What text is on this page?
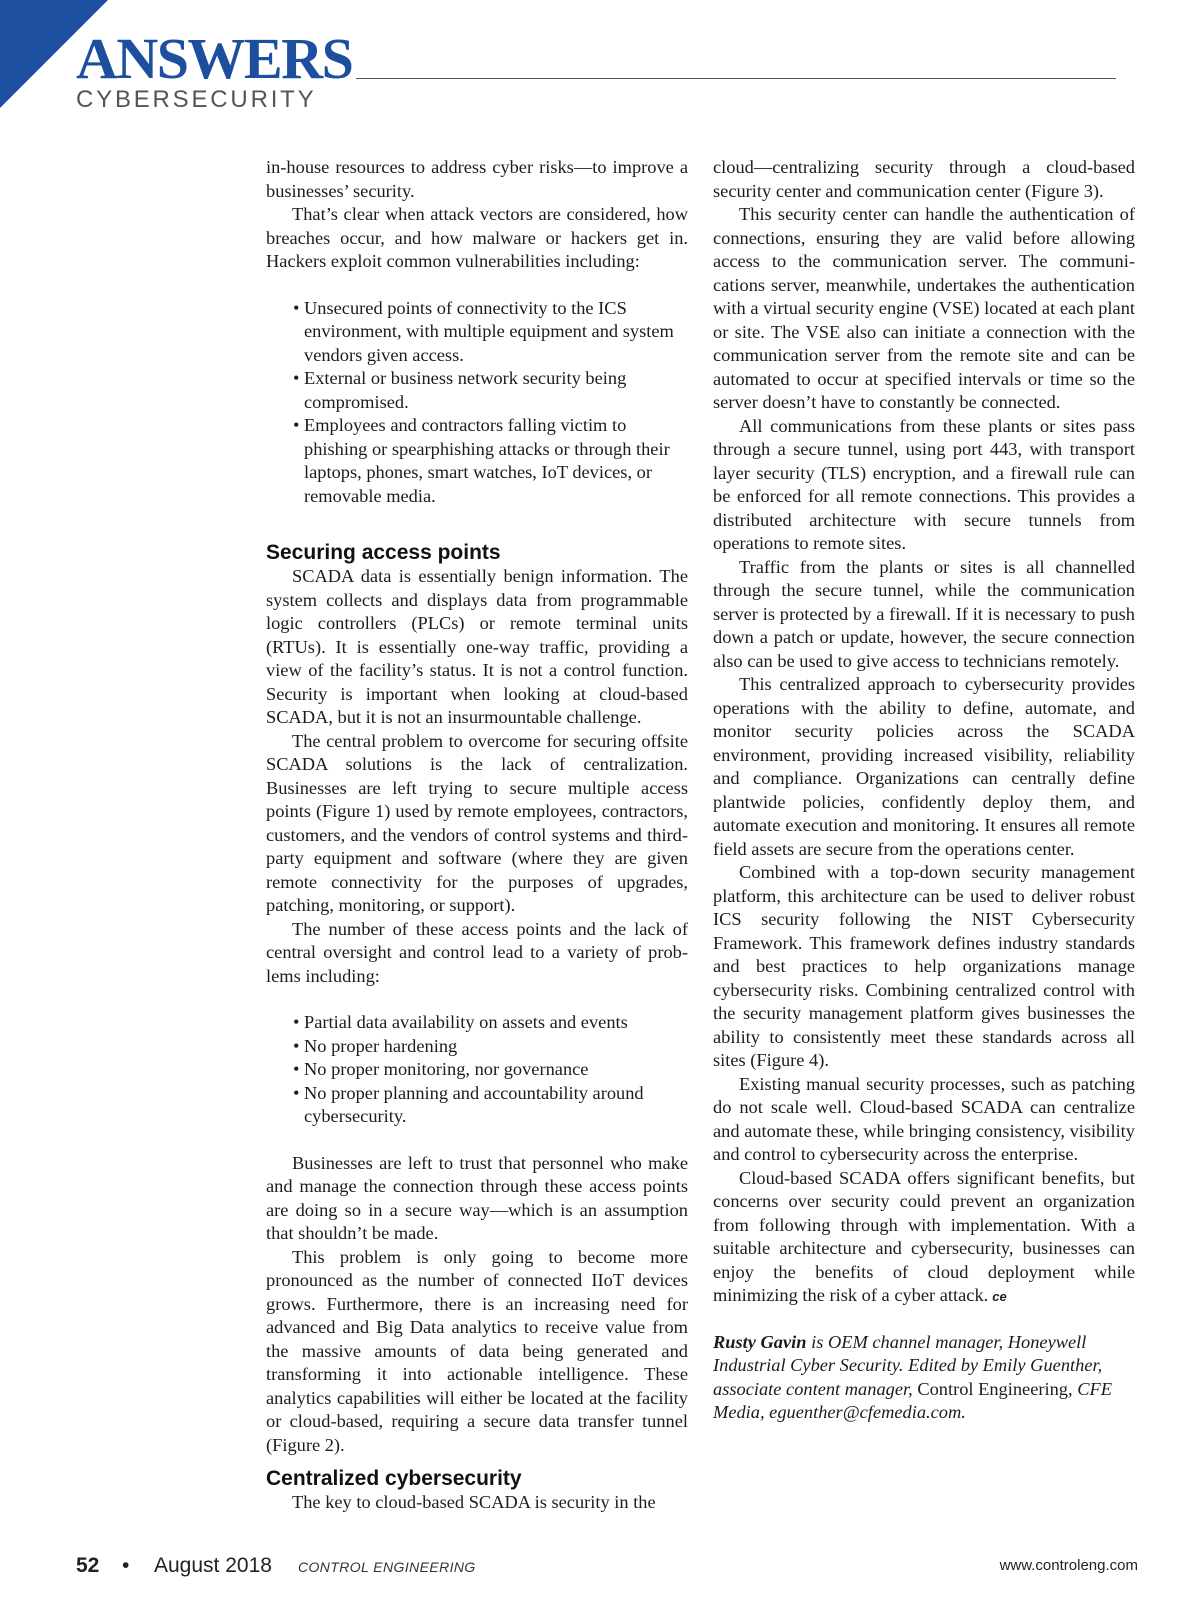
ANSWERS
CYBERSECURITY

in-house resources to address cyber risks—to improve a businesses’ security.

That’s clear when attack vectors are considered, how breaches occur, and how malware or hackers get in. Hackers exploit common vulnerabilities including:

• Unsecured points of connectivity to the ICS environment, with multiple equipment and system vendors given access.
• External or business network security being compromised.
• Employees and contractors falling victim to phishing or spearphishing attacks or through their laptops, phones, smart watches, IoT devices, or removable media.
Securing access points

SCADA data is essentially benign information. The system collects and displays data from programmable logic controllers (PLCs) or remote terminal units (RTUs). It is essentially one-way traffic, providing a view of the facility’s status. It is not a control function. Security is important when looking at cloud-based SCADA, but it is not an insurmountable challenge.

The central problem to overcome for securing offsite SCADA solutions is the lack of centralization. Businesses are left trying to secure multiple access points (Figure 1) used by remote employees, contractors, customers, and the vendors of control systems and third-party equipment and software (where they are given remote connectivity for the purposes of upgrades, patching, monitoring, or support).

The number of these access points and the lack of central oversight and control lead to a variety of problems including:

• Partial data availability on assets and events
• No proper hardening
• No proper monitoring, nor governance
• No proper planning and accountability around cybersecurity.

Businesses are left to trust that personnel who make and manage the connection through these access points are doing so in a secure way—which is an assumption that shouldn’t be made.

This problem is only going to become more pronounced as the number of connected IIoT devices grows. Furthermore, there is an increasing need for advanced and Big Data analytics to receive value from the massive amounts of data being generated and transforming it into actionable intelligence. These analytics capabilities will either be located at the facility or cloud-based, requiring a secure data transfer tunnel (Figure 2).

Centralized cybersecurity

The key to cloud-based SCADA is security in the

cloud—centralizing security through a cloud-based security center and communication center (Figure 3).

This security center can handle the authentication of connections, ensuring they are valid before allowing access to the communication server. The communications server, meanwhile, undertakes the authentication with a virtual security engine (VSE) located at each plant or site. The VSE also can initiate a connection with the communication server from the remote site and can be automated to occur at specified intervals or time so the server doesn’t have to constantly be connected.

All communications from these plants or sites pass through a secure tunnel, using port 443, with transport layer security (TLS) encryption, and a firewall rule can be enforced for all remote connections. This provides a distributed architecture with secure tunnels from operations to remote sites.

Traffic from the plants or sites is all channelled through the secure tunnel, while the communication server is protected by a firewall. If it is necessary to push down a patch or update, however, the secure connection also can be used to give access to technicians remotely.

This centralized approach to cybersecurity provides operations with the ability to define, automate, and monitor security policies across the SCADA environment, providing increased visibility, reliability and compliance. Organizations can centrally define plantwide policies, confidently deploy them, and automate execution and monitoring. It ensures all remote field assets are secure from the operations center.

Combined with a top-down security management platform, this architecture can be used to deliver robust ICS security following the NIST Cybersecurity Framework. This framework defines industry standards and best practices to help organizations manage cybersecurity risks. Combining centralized control with the security management platform gives businesses the ability to consistently meet these standards across all sites (Figure 4).

Existing manual security processes, such as patching do not scale well. Cloud-based SCADA can centralize and automate these, while bringing consistency, visibility and control to cybersecurity across the enterprise.

Cloud-based SCADA offers significant benefits, but concerns over security could prevent an organization from following through with implementation. With a suitable architecture and cybersecurity, businesses can enjoy the benefits of cloud deployment while minimizing the risk of a cyber attack. ce

Rusty Gavin is OEM channel manager, Honeywell Industrial Cyber Security. Edited by Emily Guenther, associate content manager, Control Engineering, CFE Media, eguenther@cfemedia.com.

52 • August 2018 CONTROL ENGINEERING	www.controleng.com
